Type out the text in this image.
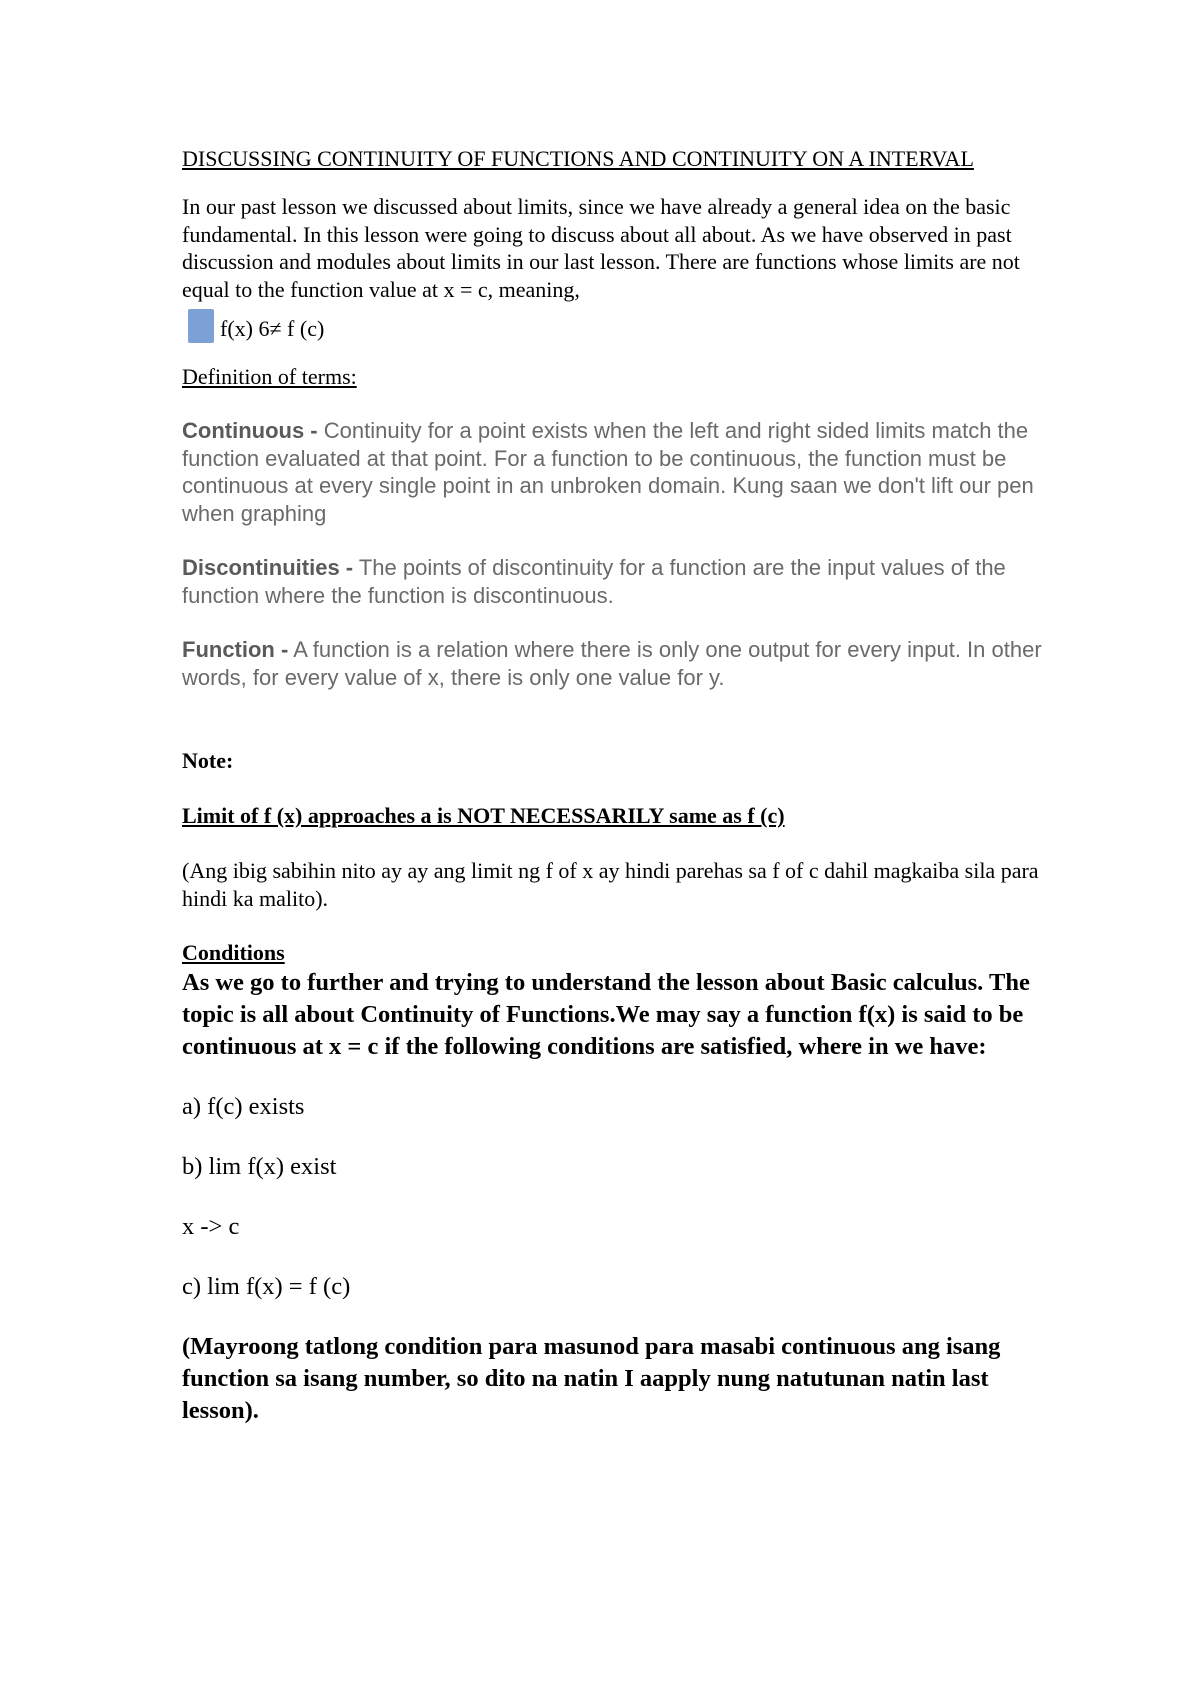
DISCUSSING CONTINUITY OF FUNCTIONS AND CONTINUITY ON A INTERVAL

In our past lesson we discussed about limits, since we have already a general idea on the basic fundamental. In this lesson were going to discuss about all about. As we have observed in past discussion and modules about limits in our last lesson. There are functions whose limits are not equal to the function value at x = c, meaning,

f(x) 6≠ f (c)

Definition of terms:

Continuous - Continuity for a point exists when the left and right sided limits match the function evaluated at that point. For a function to be continuous, the function must be continuous at every single point in an unbroken domain. Kung saan we don't lift our pen when graphing

Discontinuities - The points of discontinuity for a function are the input values of the function where the function is discontinuous.

Function - A function is a relation where there is only one output for every input. In other words, for every value of x, there is only one value for y.

Note:

Limit of f (x) approaches a is NOT NECESSARILY same as f (c)

(Ang ibig sabihin nito ay ay ang limit ng f of x ay hindi parehas sa f of c dahil magkaiba sila para hindi ka malito).

Conditions

As we go to further and trying to understand the lesson about Basic calculus. The topic is all about Continuity of Functions.We may say a function f(x) is said to be continuous at x = c if the following conditions are satisfied, where in we have:

a) f(c) exists

b) lim f(x) exist

x -> c

c) lim f(x) = f (c)

(Mayroong tatlong condition para masunod para masabi continuous ang isang function sa isang number, so dito na natin I aapply nung natutunan natin last lesson).
